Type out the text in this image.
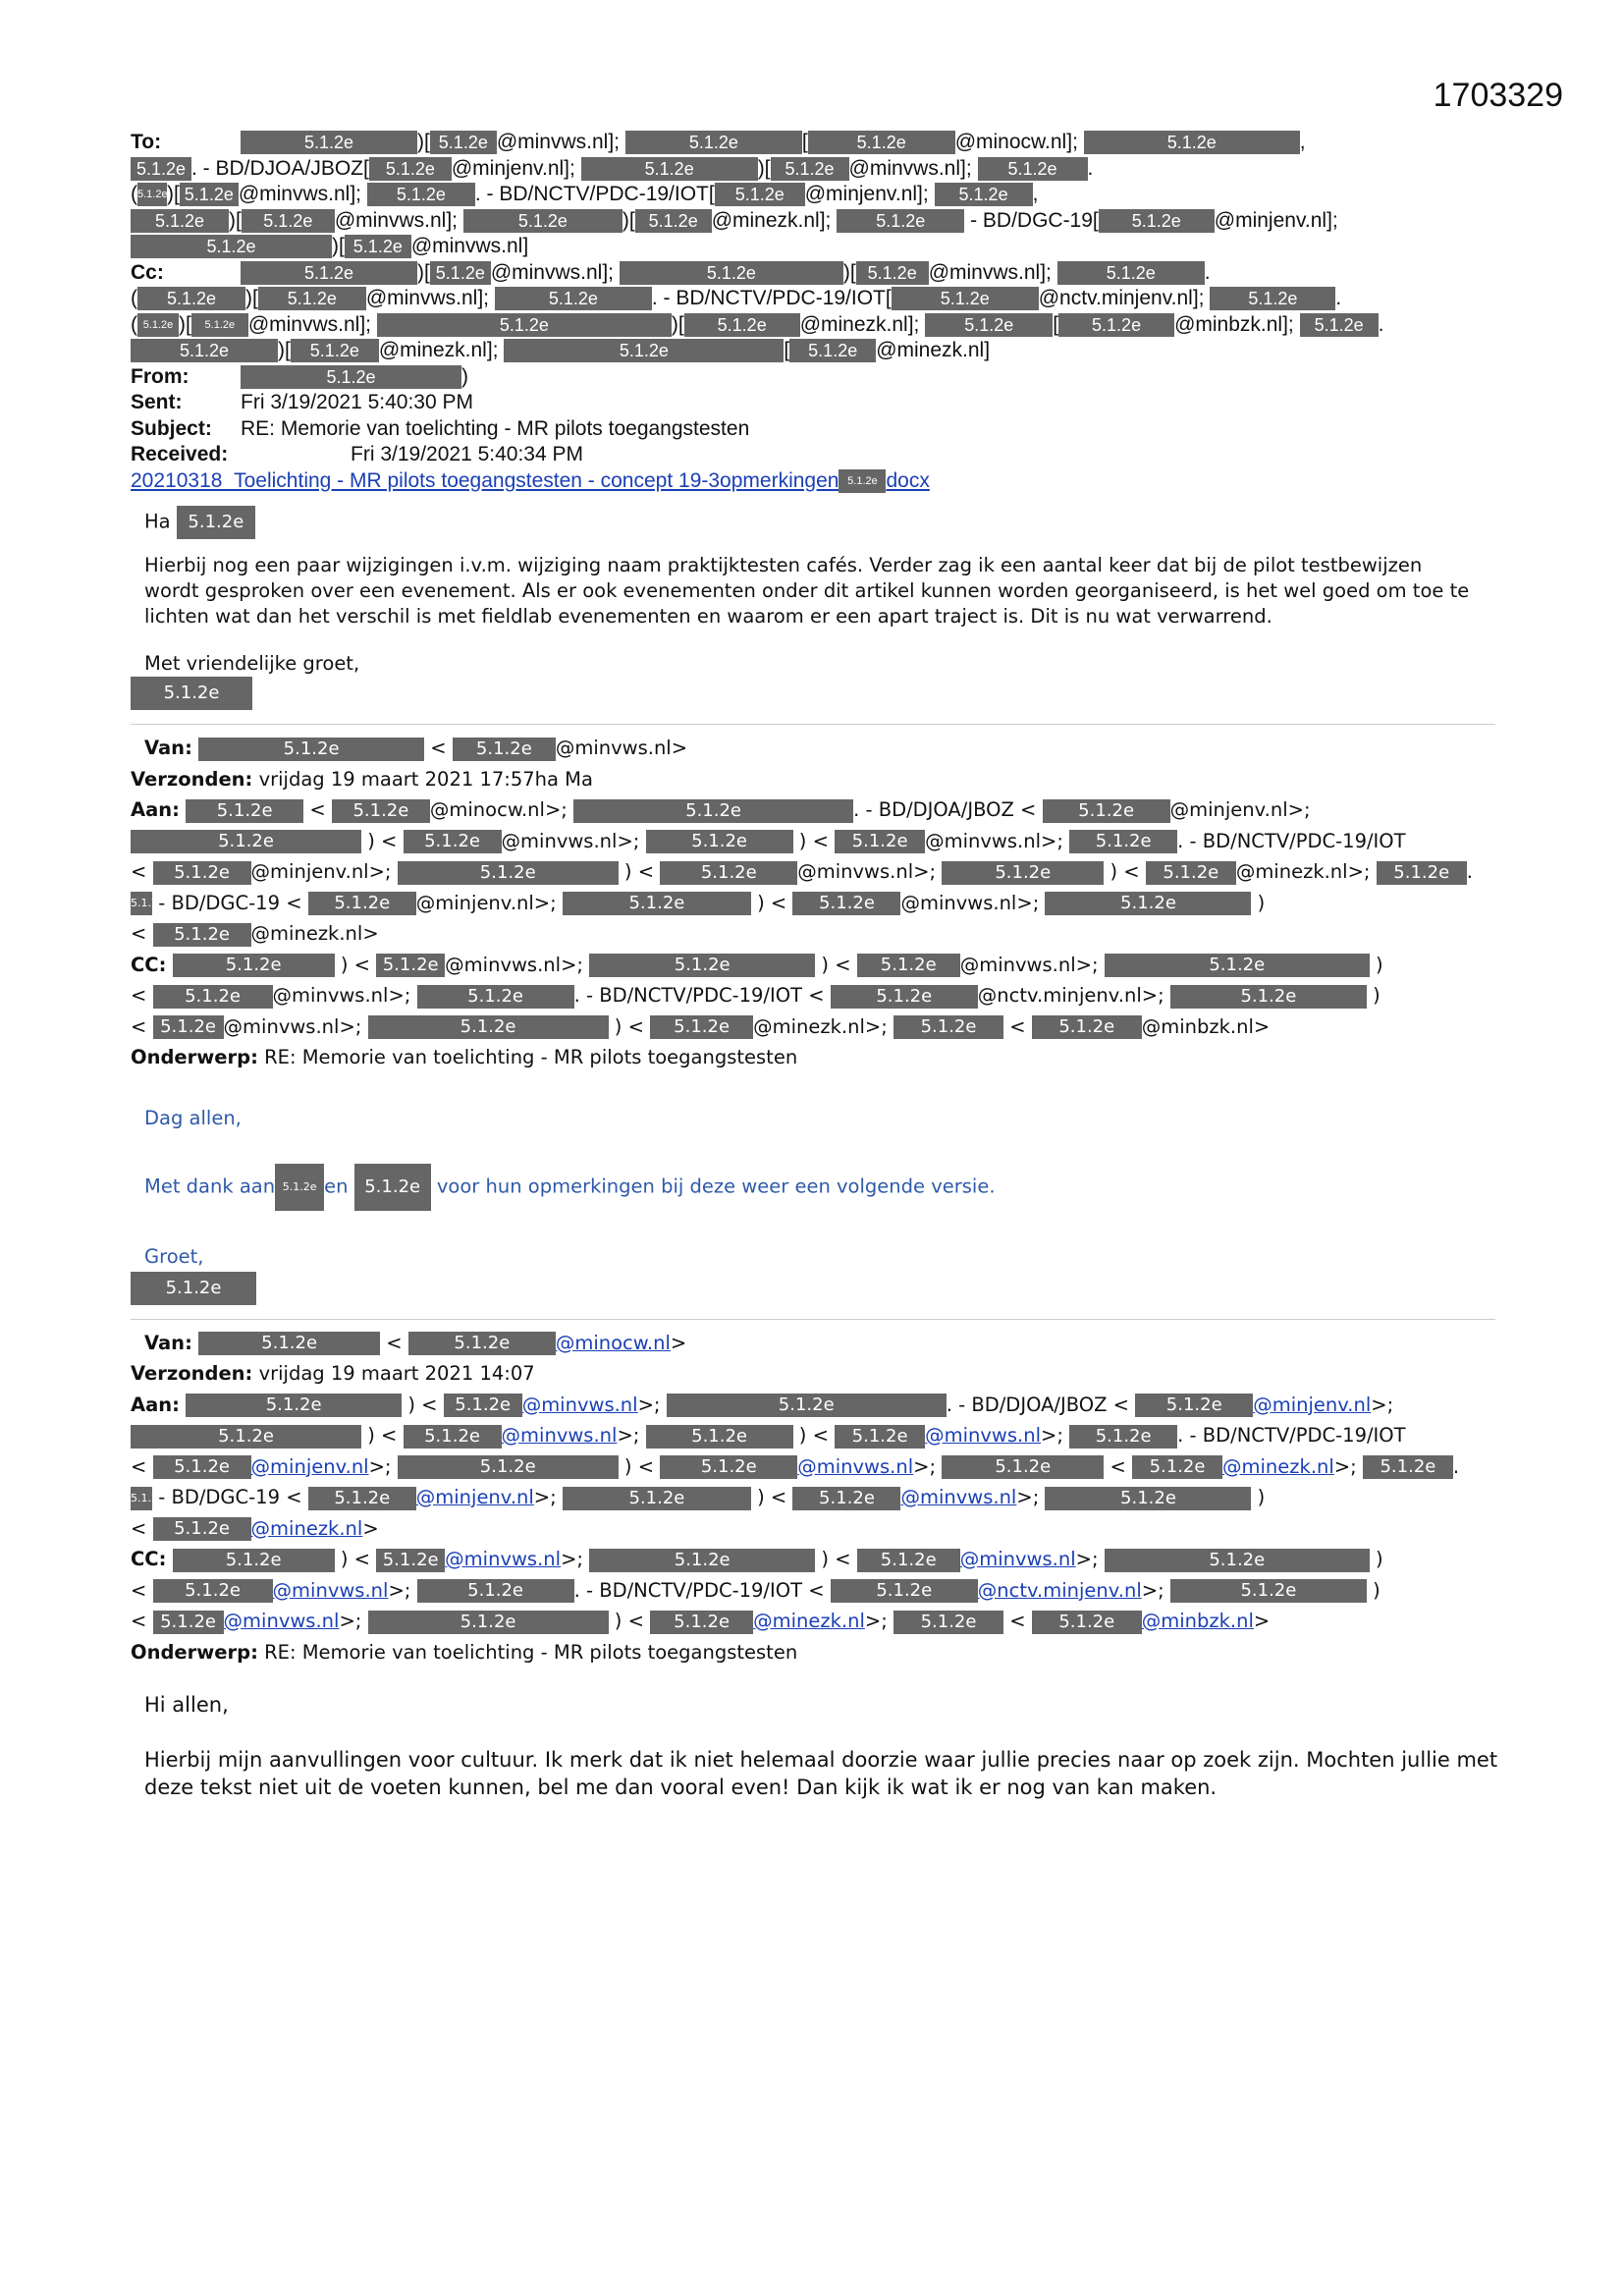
1703329
To:	5.1.2e	)[ 5.1.2e @minvws.nl];	5.1.2e	[	5.1.2e @minocw.nl];	5.1.2e	,
5.1.2e . - BD/DJOA/JBOZ[ 5.1.2e @minjenv.nl];	5.1.2e	)[ 5.1.2e @minvws.nl]; 5.1.2e .
(5.1.2e)[ 5.1.2e @minvws.nl]; 5.1.2e . - BD/NCTV/PDC-19/IOT[ 5.1.2e @minjenv.nl]; 5.1.2e ,
5.1.2e )[ 5.1.2e @minvws.nl];	5.1.2e	)[ 5.1.2e @minezk.nl]; 5.1.2e - BD/DGC-19[ 5.1.2e @minjenv.nl];
5.1.2e	)[ 5.1.2e @minvws.nl]
Cc:	5.1.2e	)[ 5.1.2e @minvws.nl];	5.1.2e	)[ 5.1.2e @minvws.nl];	5.1.2e .
( 5.1.2e )[ 5.1.2e @minvws.nl];	5.1.2e	. - BD/NCTV/PDC-19/IOT[	5.1.2e @nctv.minjenv.nl]; 5.1.2e .
( 5.1.2e )[ 5.1.2e @minvws.nl];	5.1.2e	)[ 5.1.2e @minezk.nl]; 5.1.2e [ 5.1.2e @minbzk.nl]; 5.1.2e .
5.1.2e )[ 5.1.2e @minezk.nl];	5.1.2e	[ 5.1.2e @minezk.nl]
From:	5.1.2e	)
Sent:	Fri 3/19/2021 5:40:30 PM
Subject: RE: Memorie van toelichting - MR pilots toegangstesten
Received:	Fri 3/19/2021 5:40:34 PM
20210318_Toelichting - MR pilots toegangstesten - concept 19-3opmerkingen 5.1.2e docx

Ha 5.1.2e

Hierbij nog een paar wijzigingen i.v.m. wijziging naam praktijktesten cafés. Verder zag ik een aantal keer dat bij de pilot testbewijzen wordt gesproken over een evenement. Als er ook evenementen onder dit artikel kunnen worden georganiseerd, is het wel goed om toe te lichten wat dan het verschil is met fieldlab evenementen en waarom er een apart traject is. Dit is nu wat verwarrend.

Met vriendelijke groet,
5.1.2e

Van:	5.1.2e	< 5.1.2e @minvws.nl>
Verzonden: vrijdag 19 maart 2021 17:57ha Ma
Aan: 5.1.2e < 5.1.2e @minocw.nl>;	5.1.2e	. - BD/DJOA/JBOZ < 5.1.2e @minjenv.nl>;
5.1.2e	) < 5.1.2e @minvws.nl>;	5.1.2e ) < 5.1.2e @minvws.nl>; 5.1.2e . - BD/NCTV/PDC-19/IOT
< 5.1.2e @minjenv.nl>;	5.1.2e	) < 5.1.2e @minvws.nl>;	5.1.2e	) < 5.1.2e @minezk.nl>; 5.1.2e .
5.1.2e - BD/DGC-19 < 5.1.2e @minjenv.nl>;	5.1.2e	) < 5.1.2e @minvws.nl>;	5.1.2e	)
< 5.1.2e @minezk.nl>
CC:	5.1.2e	) < 5.1.2e @minvws.nl>;	5.1.2e	) < 5.1.2e @minvws.nl>;	5.1.2e	)
< 5.1.2e @minvws.nl>;	5.1.2e	. - BD/NCTV/PDC-19/IOT <	5.1.2e @nctv.minjenv.nl>;	5.1.2e	)
< 5.1.2e @minvws.nl>;	5.1.2e	) < 5.1.2e @minezk.nl>; 5.1.2e < 5.1.2e @minbzk.nl>
Onderwerp: RE: Memorie van toelichting - MR pilots toegangstesten

Dag allen,

Met dank aan 5.1.2e en 5.1.2e voor hun opmerkingen bij deze weer een volgende versie.

Groet,
5.1.2e

Van:	5.1.2e	<	5.1.2e @minocw.nl>
Verzonden: vrijdag 19 maart 2021 14:07
Aan:	5.1.2e	) < 5.1.2e @minvws.nl>;	5.1.2e	. - BD/DJOA/JBOZ < 5.1.2e @minjenv.nl>;
5.1.2e	) < 5.1.2e @minvws.nl>;	5.1.2e ) < 5.1.2e @minvws.nl>; 5.1.2e . - BD/NCTV/PDC-19/IOT
< 5.1.2e @minjenv.nl>;	5.1.2e	) < 5.1.2e @minvws.nl>;	5.1.2e	< 5.1.2e @minezk.nl>; 5.1.2e .
5.1.2e - BD/DGC-19 < 5.1.2e @minjenv.nl>;	5.1.2e	) < 5.1.2e @minvws.nl>;	5.1.2e	)
< 5.1.2e @minezk.nl>
CC:	5.1.2e	) < 5.1.2e @minvws.nl>;	5.1.2e	) < 5.1.2e @minvws.nl>;	5.1.2e	)
< 5.1.2e @minvws.nl>;	5.1.2e	. - BD/NCTV/PDC-19/IOT <	5.1.2e @nctv.minjenv.nl>;	5.1.2e	)
< 5.1.2e @minvws.nl>;	5.1.2e	) < 5.1.2e @minezk.nl>; 5.1.2e < 5.1.2e @minbzk.nl>
Onderwerp: RE: Memorie van toelichting - MR pilots toegangstesten

Hi allen,

Hierbij mijn aanvullingen voor cultuur. Ik merk dat ik niet helemaal doorzie waar jullie precies naar op zoek zijn. Mochten jullie met deze tekst niet uit de voeten kunnen, bel me dan vooral even! Dan kijk ik wat ik er nog van kan maken.
